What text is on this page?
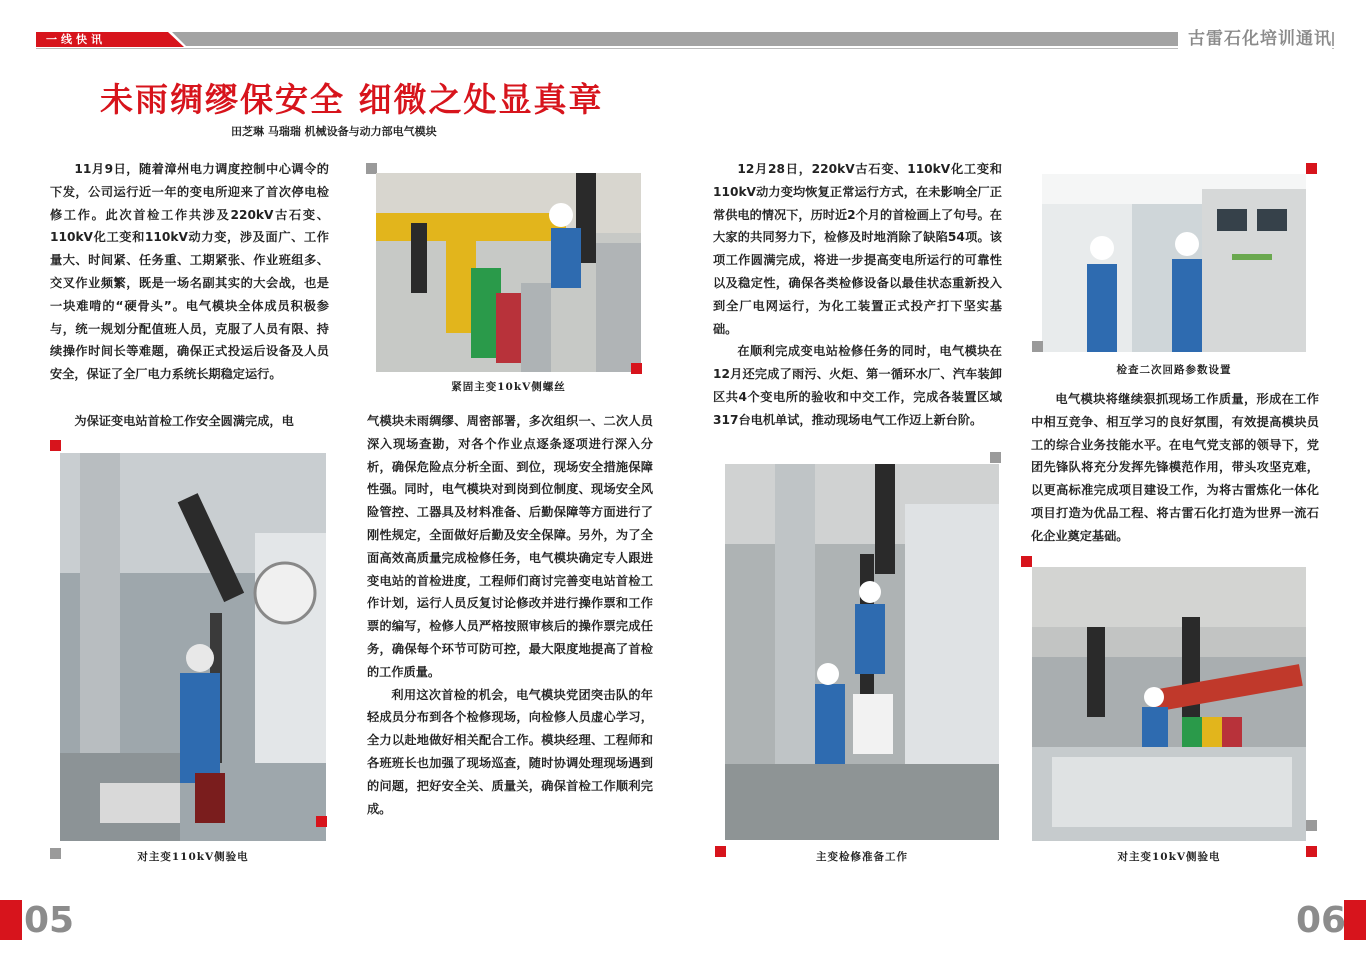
一线快讯	古雷石化培训通讯
未雨绸缪保安全 细微之处显真章
田芝琳 马瑞瑞 机械设备与动力部电气模块

11月9日，随着漳州电力调度控制中心调令的下发，公司运行近一年的变电所迎来了首次停电检修工作。此次首检工作共涉及220kV古石变、110kV化工变和110kV动力变，涉及面广、工作量大、时间紧、任务重、工期紧张、作业班组多、交叉作业频繁，既是一场名副其实的大会战，也是一块难啃的“硬骨头”。电气模块全体成员积极参与，统一规划分配值班人员，克服了人员有限、持续操作时间长等难题，确保正式投运后设备及人员安全，保证了全厂电力系统长期稳定运行。

为保证变电站首检工作安全圆满完成，电

对主变110kV侧验电
紧固主变10kV侧螺丝

气模块未雨绸缪、周密部署，多次组织一、二次人员深入现场查勘，对各个作业点逐条逐项进行深入分析，确保危险点分析全面、到位，现场安全措施保障性强。同时，电气模块对到岗到位制度、现场安全风险管控、工器具及材料准备、后勤保障等方面进行了刚性规定，全面做好后勤及安全保障。另外，为了全面高效高质量完成检修任务，电气模块确定专人跟进变电站的首检进度，工程师们商讨完善变电站首检工作计划，运行人员反复讨论修改并进行操作票和工作票的编写，检修人员严格按照审核后的操作票完成任务，确保每个环节可防可控，最大限度地提高了首检的工作质量。

利用这次首检的机会，电气模块党团突击队的年轻成员分布到各个检修现场，向检修人员虚心学习，全力以赴地做好相关配合工作。模块经理、工程师和各班班长也加强了现场巡查，随时协调处理现场遇到的问题，把好安全关、质量关，确保首检工作顺利完成。

12月28日，220kV古石变、110kV化工变和110kV动力变均恢复正常运行方式，在未影响全厂正常供电的情况下，历时近2个月的首检画上了句号。在大家的共同努力下，检修及时地消除了缺陷54项。该项工作圆满完成，将进一步提高变电所运行的可靠性以及稳定性，确保各类检修设备以最佳状态重新投入到全厂电网运行，为化工装置正式投产打下坚实基础。

在顺利完成变电站检修任务的同时，电气模块在12月还完成了雨污、火炬、第一循环水厂、汽车装卸区共4个变电所的验收和中交工作，完成各装置区域317台电机单试，推动现场电气工作迈上新台阶。

主变检修准备工作
检查二次回路参数设置

电气模块将继续狠抓现场工作质量，形成在工作中相互竞争、相互学习的良好氛围，有效提高模块员工的综合业务技能水平。在电气党支部的领导下，党团先锋队将充分发挥先锋模范作用，带头攻坚克难，以更高标准完成项目建设工作，为将古雷炼化一体化项目打造为优品工程、将古雷石化打造为世界一流石化企业奠定基础。

对主变10kV侧验电
05	06
